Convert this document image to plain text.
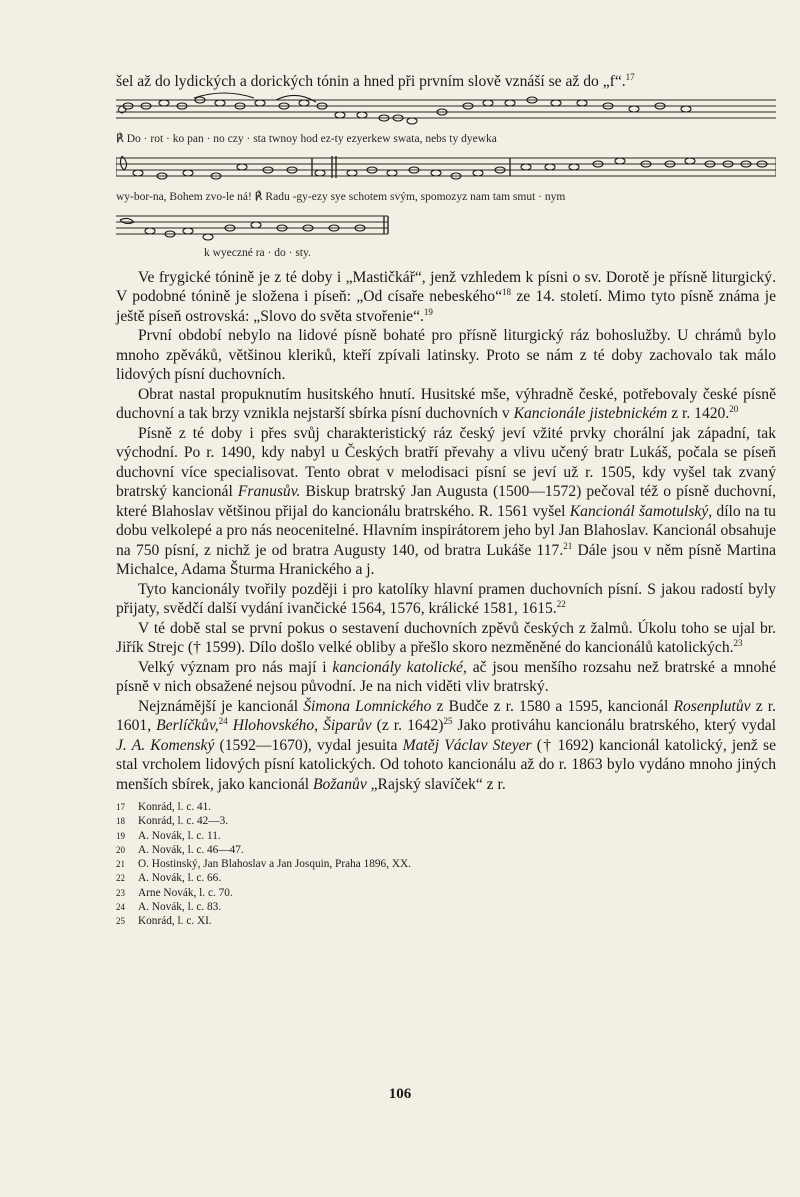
šel až do lydických a dorických tónin a hned při prvním slově vznáší se až do „f“.$^{17}$

℟ Do · rot · ko pan · no czy · sta twnoy hod ez-ty ezyerkew swata, nebs ty dyewka

wy-bor-na, Bohem zvo-le ná! ℟ Radu -gy-ezy sye schotem svým, spomozyz nam tam smut · nym

k wyeczné ra · do · sty.

Ve frygické tónině je z té doby i „Mastičkář“, jenž vzhledem k písni o sv. Dorotě je přísně liturgický. V podobné tónině je složena i píseň: „Od císaře nebeského“$^{18}$ ze 14. století. Mimo tyto písně známa je ještě píseň ostrovská: „Slovo do světa stvořenie“.$^{19}$

První období nebylo na lidové písně bohaté pro přísně liturgický ráz bohoslužby. U chrámů bylo mnoho zpěváků, většinou kleriků, kteří zpívali latinsky. Proto se nám z té doby zachovalo tak málo lidových písní duchovních.

Obrat nastal propuknutím husitského hnutí. Husitské mše, výhradně české, potřebovaly české písně duchovní a tak brzy vznikla nejstarší sbírka písní duchovních v Kancionále jistebnickém z r. 1420.20

Písně z té doby i přes svůj charakteristický ráz český jeví vžité prvky chorální jak západní, tak východní. Po r. 1490, kdy nabyl u Českých bratří převahy a vlivu učený bratr Lukáš, počala se píseň duchovní více specialisovat. Tento obrat v melodisaci písní se jeví už r. 1505, kdy vyšel tak zvaný bratrský kancionál Franusův. Biskup bratrský Jan Augusta (1500—1572) pečoval též o písně duchovní, které Blahoslav většinou přijal do kancionálu bratrského. R. 1561 vyšel Kancionál šamotulský, dílo na tu dobu velkolepé a pro nás neocenitelné. Hlavním inspirátorem jeho byl Jan Blahoslav. Kancionál obsahuje na 750 písní, z nichž je od bratra Augusty 140, od bratra Lukáše 117.21 Dále jsou v něm písně Martina Michalce, Adama Šturma Hranického a j.

Tyto kancionály tvořily později i pro katolíky hlavní pramen duchovních písní. S jakou radostí byly přijaty, svědčí další vydání ivančické 1564, 1576, králické 1581, 1615.22

V té době stal se první pokus o sestavení duchovních zpěvů českých z žalmů. Úkolu toho se ujal br. Jiřík Strejc († 1599). Dílo došlo velké obliby a přešlo skoro nezměněné do kancionálů katolických.$^{23}$

Velký význam pro nás mají i kancionály katolické, ač jsou menšího rozsahu než bratrské a mnohé písně v nich obsažené nejsou původní. Je na nich viděti vliv bratrský.

Nejznámější je kancionál Šimona Lomnického z Budče z r. 1580 a 1595, kancionál Rosenplutův z r. 1601, Berlíčkův,$^{24}$ Hlohovského, Šiparův (z r. 1642)$^{25}$ Jako protiváhu kancionálu bratrského, který vydal J. A. Komenský (1592—1670), vydal jesuita Matěj Václav Steyer († 1692) kancionál katolický, jenž se stal vrcholem lidových písní katolických. Od tohoto kancionálu až do r. 1863 bylo vydáno mnoho jiných menších sbírek, jako kancionál Božanův „Rajský slavíček“ z r.

17	Konrád, l. c. 41.

18	Konrád, l. c. 42—3.

19	A. Novák, l. c. 11.

20	A. Novák, l. c. 46—47.

21	O. Hostinský, Jan Blahoslav a Jan Josquin, Praha 1896, XX.

22	A. Novák, l. c. 66.

23	Arne Novák, l. c. 70.

24	A. Novák, l. c. 83.

25	Konrád, l. c. XI.

106
